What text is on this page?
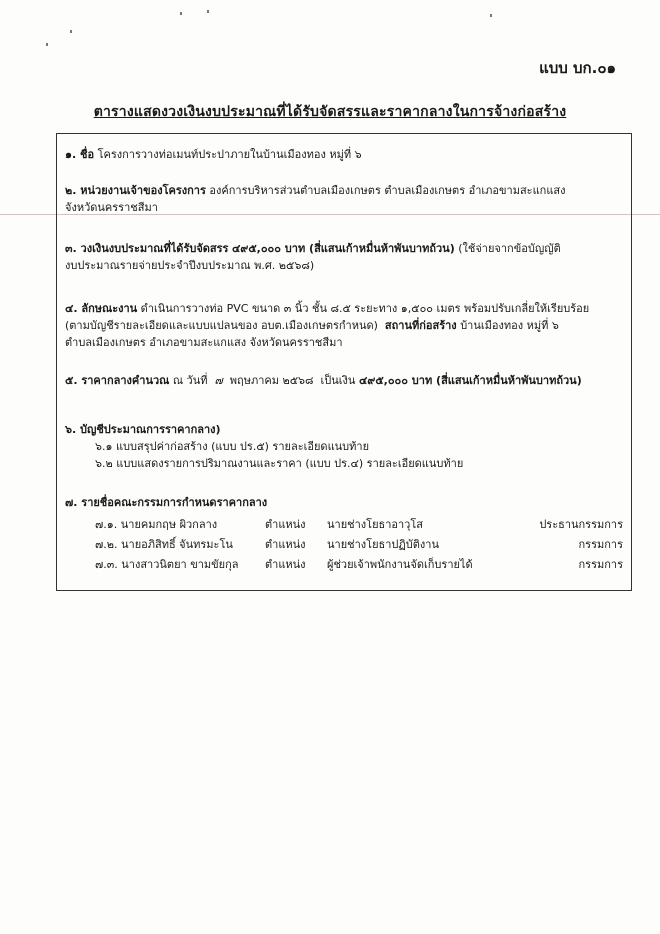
แบบ บก.๐๑
ตารางแสดงวงเงินงบประมาณที่ได้รับจัดสรรและราคากลางในการจ้างก่อสร้าง
๑. ชื่อ โครงการวางท่อเมนท์ประปาภายในบ้านเมืองทอง หมู่ที่ ๖
๒. หน่วยงานเจ้าของโครงการ องค์การบริหารส่วนตำบลเมืองเกษตร ตำบลเมืองเกษตร อำเภอขามสะแกแสง
จังหวัดนครราชสีมา
๓. วงเงินงบประมาณที่ได้รับจัดสรร ๔๙๕,๐๐๐ บาท (สี่แสนเก้าหมื่นห้าพันบาทถ้วน) (ใช้จ่ายจากข้อบัญญัติ
งบประมาณรายจ่ายประจำปีงบประมาณ พ.ศ. ๒๕๖๘)
๔. ลักษณะงาน ดำเนินการวางท่อ PVC ขนาด ๓ นิ้ว ชั้น ๘.๕ ระยะทาง ๑,๕๐๐ เมตร พร้อมปรับเกลี่ยให้เรียบร้อย
(ตามบัญชีรายละเอียดและแบบแปลนของ อบต.เมืองเกษตรกำหนด) สถานที่ก่อสร้าง บ้านเมืองทอง หมู่ที่ ๖
ตำบลเมืองเกษตร อำเภอขามสะแกแสง จังหวัดนครราชสีมา
๕. ราคากลางคำนวณ ณ วันที่ ๗ พฤษภาคม ๒๕๖๘ เป็นเงิน ๔๙๕,๐๐๐ บาท (สี่แสนเก้าหมื่นห้าพันบาทถ้วน)
๖. บัญชีประมาณการราคากลาง)
๖.๑ แบบสรุปค่าก่อสร้าง (แบบ ปร.๕) รายละเอียดแนบท้าย
๖.๒ แบบแสดงรายการปริมาณงานและราคา (แบบ ปร.๔) รายละเอียดแนบท้าย
๗. รายชื่อคณะกรรมการกำหนดราคากลาง
๗.๑. นายคมกฤษ ผิวกลาง	ตำแหน่ง นายช่างโยธาอาวุโส	ประธานกรรมการ
๗.๒. นายอภิสิทธิ์ จันทรมะโน	ตำแหน่ง นายช่างโยธาปฏิบัติงาน	กรรมการ
๗.๓. นางสาวนิตยา ขามขัยกุล ตำแหน่ง ผู้ช่วยเจ้าพนักงานจัดเก็บรายได้	กรรมการ
